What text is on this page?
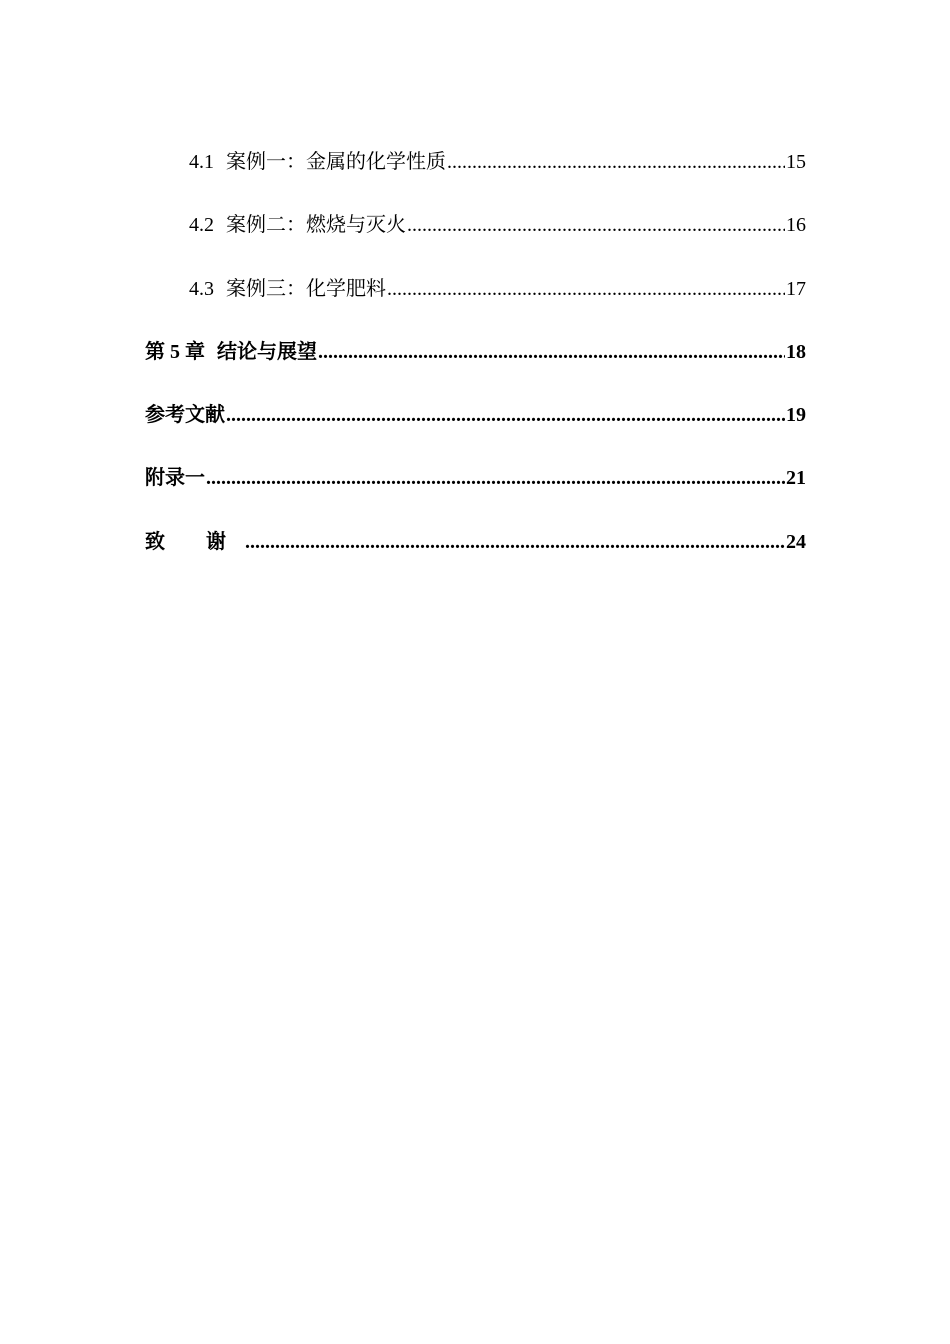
4.1 案例一：金属的化学性质 .....	15
4.2 案例二：燃烧与灭火 .....	16
4.3 案例三：化学肥料 .....	17
第 5 章 结论与展望 .....	18
参考文献 .....	19
附录一 .....	21
致 谢 .....	24
